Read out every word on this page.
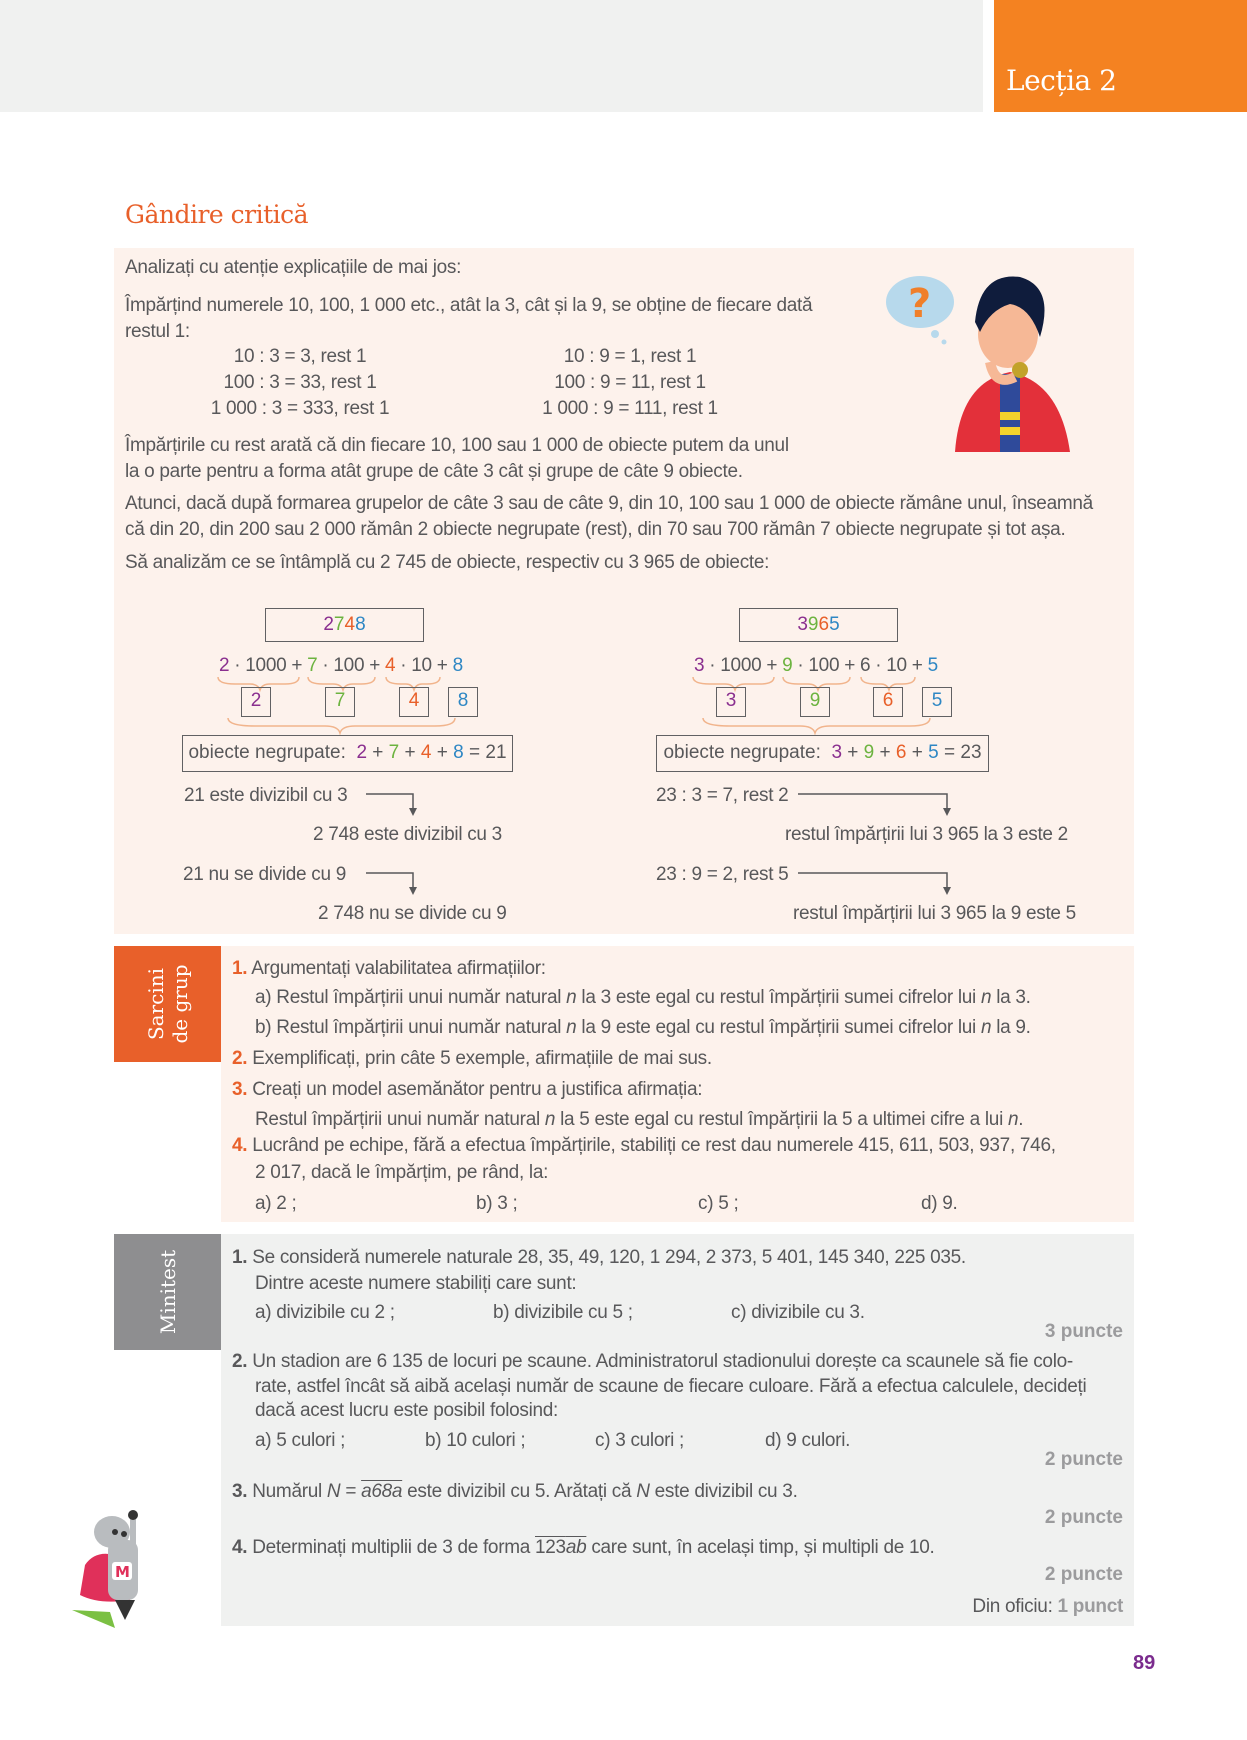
Lecția 2
Gândire critică
Analizați cu atenție explicațiile de mai jos:
Împărțind numerele 10, 100, 1 000 etc., atât la 3, cât și la 9, se obține de fiecare dată
restul 1:
10 : 3 = 3, rest 1
100 : 3 = 33, rest 1
1 000 : 3 = 333, rest 1
10 : 9 = 1, rest 1
100 : 9 = 11, rest 1
1 000 : 9 = 111, rest 1
?
Împărțirile cu rest arată că din fiecare 10, 100 sau 1 000 de obiecte putem da unul
la o parte pentru a forma atât grupe de câte 3 cât și grupe de câte 9 obiecte.
Atunci, dacă după formarea grupelor de câte 3 sau de câte 9, din 10, 100 sau 1 000 de obiecte rămâne unul, înseamnă
că din 20, din 200 sau 2 000 rămân 2 obiecte negrupate (rest), din 70 sau 700 rămân 7 obiecte negrupate și tot așa.
Să analizăm ce se întâmplă cu 2 745 de obiecte, respectiv cu 3 965 de obiecte:
2748
2 · 1000 + 7 · 100 + 4 · 10 + 8
2	7	4	8
obiecte negrupate: 2 + 7 + 4 + 8 = 21
21 este divizibil cu 3
2 748 este divizibil cu 3
21 nu se divide cu 9
2 748 nu se divide cu 9
3965
3 · 1000 + 9 · 100 + 6 · 10 + 5
3	9	6	5
obiecte negrupate: 3 + 9 + 6 + 5 = 23
23 : 3 = 7, rest 2
restul împărțirii lui 3 965 la 3 este 2
23 : 9 = 2, rest 5
restul împărțirii lui 3 965 la 9 este 5
Sarcini
de grup 1. Argumentați valabilitatea afirmațiilor:
a) Restul împărțirii unui număr natural n la 3 este egal cu restul împărțirii sumei cifrelor lui n la 3.
b) Restul împărțirii unui număr natural n la 9 este egal cu restul împărțirii sumei cifrelor lui n la 9.
2. Exemplificați, prin câte 5 exemple, afirmațiile de mai sus.
3. Creați un model asemănător pentru a justifica afirmația:
Restul împărțirii unui număr natural n la 5 este egal cu restul împărțirii la 5 a ultimei cifre a lui n.
4. Lucrând pe echipe, fără a efectua împărțirile, stabiliți ce rest dau numerele 415, 611, 503, 937, 746,
2 017, dacă le împărțim, pe rând, la:
a) 2 ;	b) 3 ;	c) 5 ;	d) 9.
Minitest	1. Se consideră numerele naturale 28, 35, 49, 120, 1 294, 2 373, 5 401, 145 340, 225 035.
Dintre aceste numere stabiliți care sunt:
a) divizibile cu 2 ;	b) divizibile cu 5 ;	c) divizibile cu 3.
3 puncte
2. Un stadion are 6 135 de locuri pe scaune. Administratorul stadionului dorește ca scaunele să fie colo-
rate, astfel încât să aibă același număr de scaune de fiecare culoare. Fără a efectua calculele, decideți
dacă acest lucru este posibil folosind:
a) 5 culori ;	b) 10 culori ;	c) 3 culori ;	d) 9 culori.
2 puncte
3. Numărul N = a68a este divizibil cu 5. Arătați că N este divizibil cu 3.
2 puncte
4. Determinați multiplii de 3 de forma 123ab care sunt, în același timp, și multipli de 10.
2 puncte
Din oficiu: 1 punct
M
89
